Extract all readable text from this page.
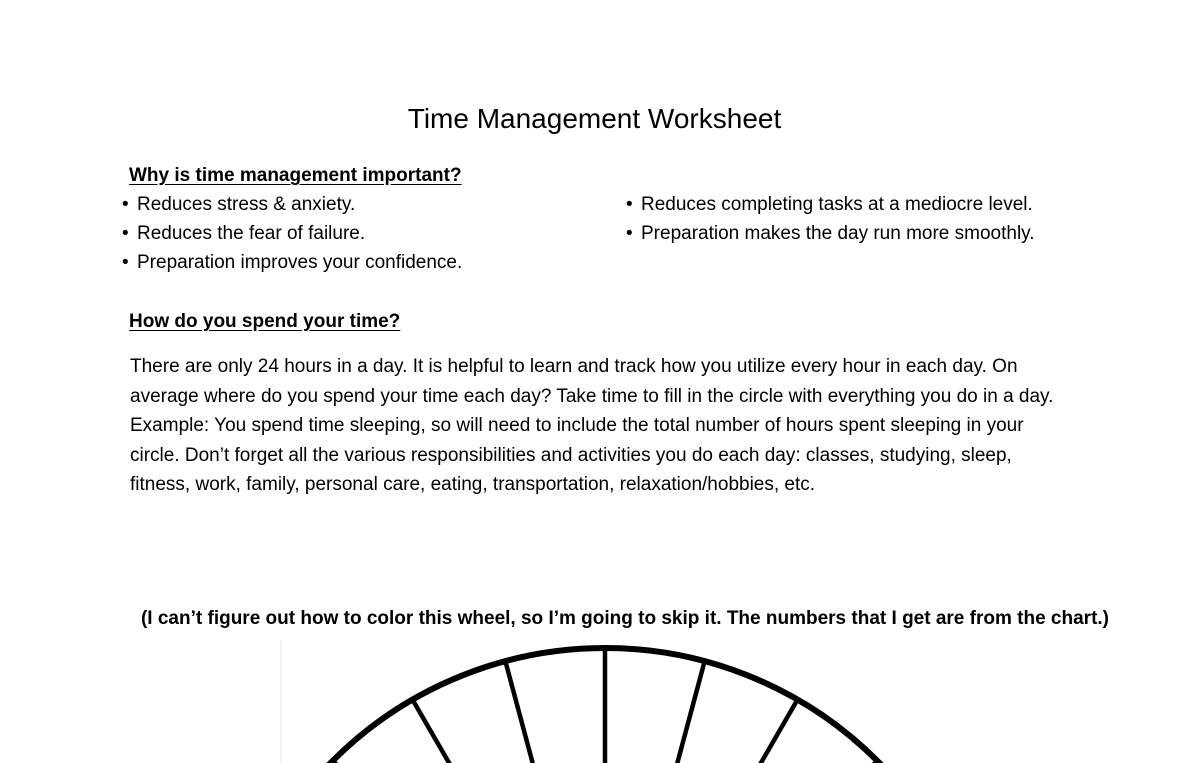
Time Management Worksheet
Why is time management important?
• Reduces stress & anxiety.
• Reduces the fear of failure.
• Preparation improves your confidence.
• Reduces completing tasks at a mediocre level.
• Preparation makes the day run more smoothly.
How do you spend your time?

There are only 24 hours in a day. It is helpful to learn and track how you utilize every hour in each day. On average where do you spend your time each day? Take time to fill in the circle with everything you do in a day. Example: You spend time sleeping, so will need to include the total number of hours spent sleeping in your circle. Don’t forget all the various responsibilities and activities you do each day: classes, studying, sleep, fitness, work, family, personal care, eating, transportation, relaxation/hobbies, etc.

(I can’t figure out how to color this wheel, so I’m going to skip it. The numbers that I get are from the chart.)
